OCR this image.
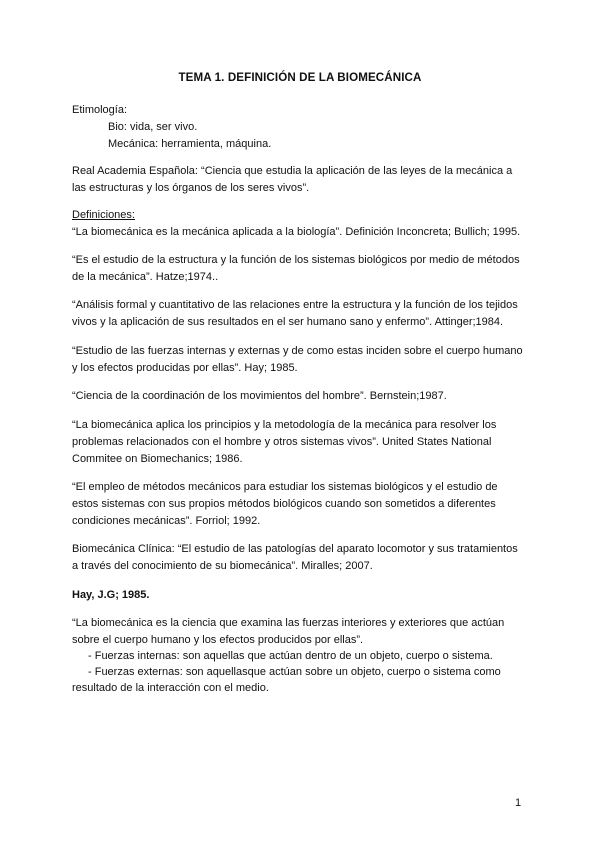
TEMA 1. DEFINICIÓN DE LA BIOMECÁNICA
Etimología:
Bio: vida, ser vivo.
Mecánica: herramienta, máquina.
Real Academia Española: “Ciencia que estudia la aplicación de las leyes de la mecánica a
las estructuras y los órganos de los seres vivos”.
Definiciones:
“La biomecánica es la mecánica aplicada a la biología”. Definición Inconcreta; Bullich; 1995.
“Es el estudio de la estructura y la función de los sistemas biológicos por medio de métodos
de la mecánica”. Hatze;1974..
“Análisis formal y cuantitativo de las relaciones entre la estructura y la función de los tejidos
vivos y la aplicación de sus resultados en el ser humano sano y enfermo”. Attinger;1984.
“Estudio de las fuerzas internas y externas y de como estas inciden sobre el cuerpo humano
y los efectos producidas por ellas”. Hay; 1985.
“Ciencia de la coordinación de los movimientos del hombre”. Bernstein;1987.
“La biomecánica aplica los principios y la metodología de la mecánica para resolver los
problemas relacionados con el hombre y otros sistemas vivos”. United States National
Commitee on Biomechanics; 1986.
“El empleo de métodos mecánicos para estudiar los sistemas biológicos y el estudio de
estos sistemas con sus propios métodos biológicos cuando son sometidos a diferentes
condiciones mecánicas”. Forriol; 1992.
Biomecánica Clínica: “El estudio de las patologías del aparato locomotor y sus tratamientos
a través del conocimiento de su biomecánica”. Miralles; 2007.
Hay, J.G; 1985.
“La biomecánica es la ciencia que examina las fuerzas interiores y exteriores que actúan
sobre el cuerpo humano y los efectos producidos por ellas”.
- Fuerzas internas: son aquellas que actúan dentro de un objeto, cuerpo o sistema.
- Fuerzas externas: son aquellasque actúan sobre un objeto, cuerpo o sistema como
resultado de la interacción con el medio.
1
